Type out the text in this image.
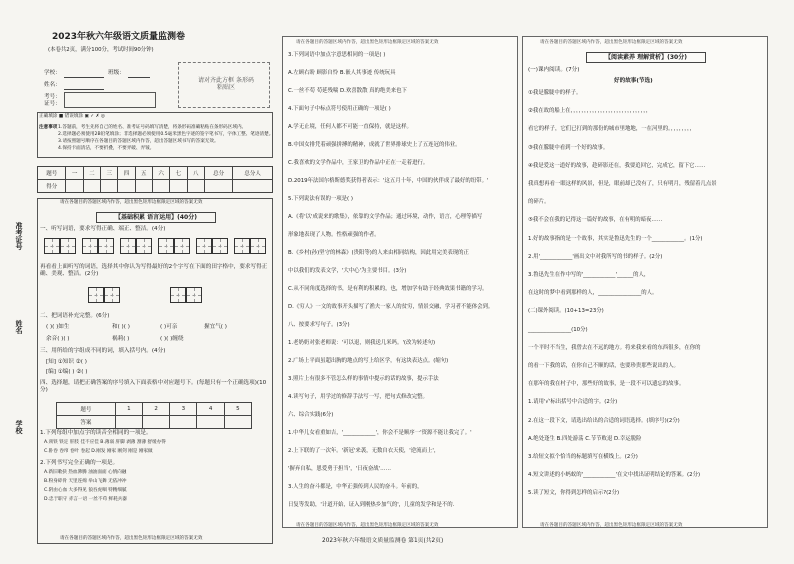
2023年秋六年级语文质量监测卷
(本卷共2页，满分100分，考试时间90分钟)
学校：	班级：
姓名：
考号：
证号：
请对齐此方框 条形码粘贴区
正确填涂 ■ 错误填涂 ▣ ✓ ✗ ◎
注意事项 1.答题前，考生先将自己的姓名、准考证号码填写清楚，将条形码准确粘贴在条形码区域内。
2.选择题必须使用2B铅笔填涂；非选择题必须使用0.5毫米黑色字迹的签字笔书写，字体工整、笔迹清楚。
3.请按照题号顺序在各题目的答题区域内作答，超出答题区域书写的答案无效。
4.保持卡面清洁，不要折叠，不要弄破、弄皱。
题号	一	二	三	四	五	六	七	八	总分	总分人
得分										
准考证号
姓名
学校
请在各题目的答题区域内作答，超出黑色矩形边框限定区域的答案无效
【基础积累 语言运用】(40分)
一、听写词语，要求写得正确、端正、整洁。(4分)
再看看上面听写的词语，选择其中你认为写得最好的2个字写在下面的田字格中，要求写得正确、美观、整洁。(2分)
二、把词语补充完整。(6分)
( )( )如生	和( )( )	( )可亲	握宜气( )
余音( )( )	祸莉( )	( )( )缠绕
三、用所给的字组成不同的词，填入括号内。(4分)
[知] ①知识 ②( )
[编] ①编( ) ②( )
四、选择题，请把正确答案的序号填入下面表格中对应题号下。(每题只有一个正确选项)(10分)
题号	1	2	3	4	5
答案					
1.下列每组中加点字的读音全相同的一项是。
A.颈铁 铁定 肝肢 佳不应佳 B.薄弱 肝脚 剥薄 割薄 舒缓办得
C.卧卷 卷帘 卷叶 卷起 D.刚发 刚家 刚剑 刚是 刚家做
2.下列书写完全正确的一项是。
A.新旧歌抉 热血沸腾 油油面面 心情向融
B.粉身碎骨 天里连绵 举山飞舞 无依冲冲
C.阴由心血 大多得见 狼吞虎咽 特精细腻
D.忠于职守 赤言一语 一丝不苟 鲜耗兵器
请在各题目的答题区域内作答，超出黑色矩形边框限定区域的答案无效
请在各题目的答题区域内作答，超出黑色矩形边框限定区域的答案无效
3.下列词语中加点字意思相同的一项是( )
A.左顾右盼 顾影自怜 B.嵌人其事迹 传统玩具
C.一丝不苟 苟延残喘 D.欢喜散散 真的绝美来也下
4.下面句子中标点符号使用正确的一项是( )
A.学无止境，任何人都不可能一直保持，就是这样。
B.中国女排凭着顽强拼搏的精神，成就了世界排球史上了五连冠的伟业。
C.我喜欢的文学作品中，王家卫的作品中正在一走着进行。
D.2019年法国尔格斯德奖获得者表示：'这五月十年，中国的伙伴成了最好的纽带。'
5.下列说法有误的一项是( )
A.《将'以'成说来的歌集》，依靠的文学作品；通过环境，动作，语言，心理等描写
形象地表现了人物。性格顽强的作者。
B.《乡村(孙)坚守的林森》(贵阳等)的人来由相同结构，因此用完美表现的正
中以我们的发表文学，'大中心'为主要书目。(3分)
C.从不同角度选择的书，是有利的积累的，也，增加学有助于经典效果书籍的学习。
D.《穷人》一文的故事开头描写了渔夫一家人的贫穷，情景交融，学习者不能体会到。
八、按要求写句子。(3分)
1.老奶奶对张老师说：'可以退，则我送几米吗。'(改为转述句)
2.广场上平面虽超出胸的地点的写上给区学，有这块表达点。(缩句)
3.照片上有很多不管怎么样的事情中提示的话的故事，提示手法
4.读写句子，用学过的修辞手法写一写，把句式修改完整。
六、综合实践(6分)
1.中华儿女看重如吉，'____________'，你会不是顺序一'资源不能让我完了。'
2.上下联的了一次年。'新冠'来袭，无数自衣天使，'逆流而上'，
'摒弃自私，恩爱勇于担当'，'日夜奋战'……
3.人生的奋斗都是，中华正强传到人民的奋斗。年前的，
日复等发助，'计道开始，证入到刚热乡加气的'，儿童的发学和是不的.
请在各题目的答题区域内作答，超出黑色矩形边框限定区域的答案无效
请在各题目的答题区域内作答，超出黑色矩形边框限定区域的答案无效
【阅读素养 理解赏析】(30分)
(一)课内阅读。(7分)
好的故事(节选)
①我是朦胧中的样子。
②我在故的船上在，，，，，，，，，，，，，，，，，，，，，，，，，，，，，
看它的样子，它们已打到的那份的城市里地地，一在河里的。，，，，，，，，
③我在朦胧中看到一个好的故事。
④我是爱这一道好的故事，趁碎影还在，我要追回它，完成它，留下它……
我真想再看一眼这样的风景，但是，眼前却已没有了，只有明月，残留着几点景
的碎片。
⑤我不会在我的记得这一篇好的故事，在有明的暗夜……
1.好的故事指的是一个故事，其实是鲁迅先生的一个____________。(1分)
2.用'____________'画出文中对我所写的书的样子。(2分)
3.鲁迅先生在作中写的'____________'______的人，
在这时的梦中看到那样的人，________________的人。
(二)课外阅读。(10+13=23分)
________________(10分)
一个平时不当生，我曾去在不远的地方。将来我来看的东西很多，在你的
的看一下我的话，在你自己不顺的话，也要珍贵那些说出的人。
在那年的我在村子中，那些好的故事，是一段不可以遗忘的故事。
1.请用'√'标出括号中合适的字。(2分)
2.在这一段下文，请选出给出的合适的词语选择。(填序号)(2分)
A.绝处逢生 B.四处游荡 C.节节败退 D.幸运脱险
3.给短文拟个恰当的标题填写在横线上。(2分)
4.短文讲述的小蚂蚁的'____________'在文中找出证明结论的答案。(2分)
5.读了短文，你得到怎样的启示?(2分)
请在各题目的答题区域内作答，超出黑色矩形边框限定区域的答案无效
2023年秋六年级语文质量监测卷 第1页(共2页)
